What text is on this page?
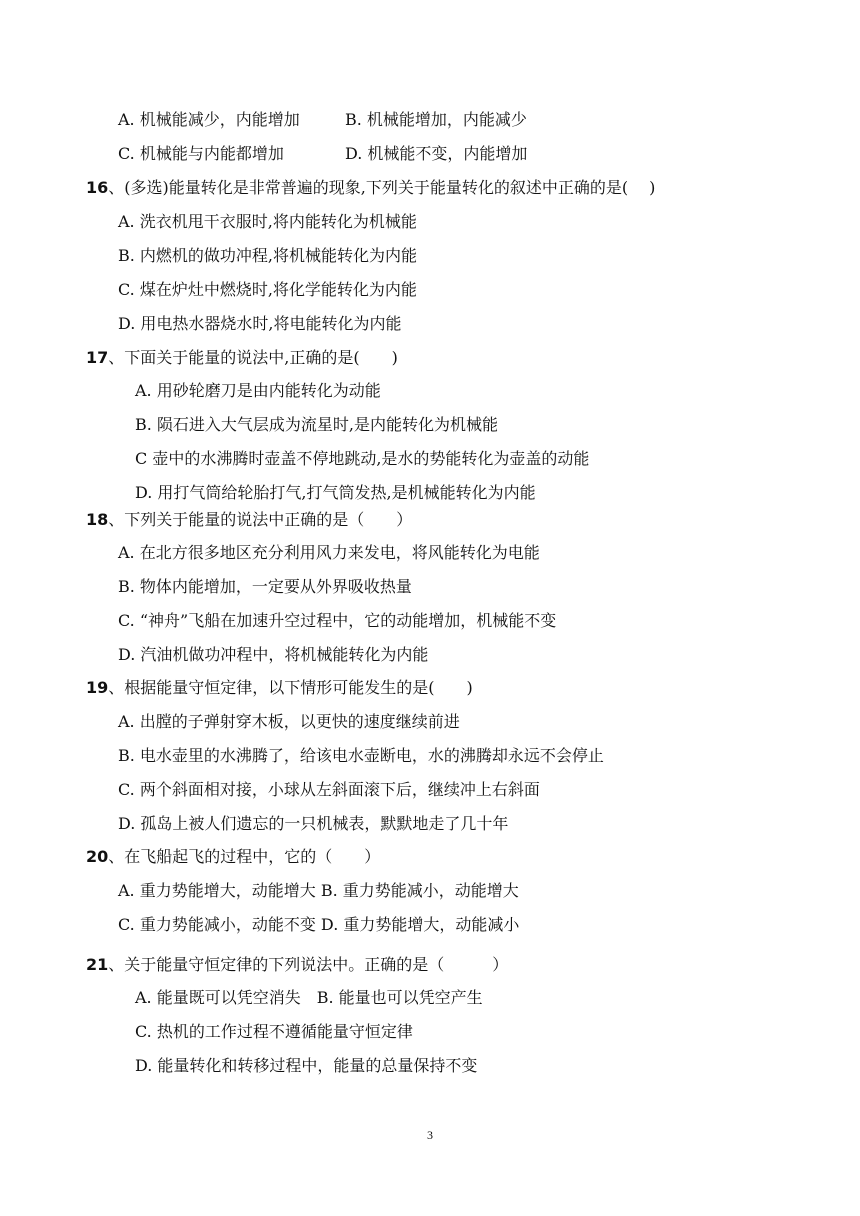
A. 机械能减少，内能增加	B. 机械能增加，内能减少
C. 机械能与内能都增加	D. 机械能不变，内能增加
16、(多选)能量转化是非常普遍的现象,下列关于能量转化的叙述中正确的是(　 )
A. 洗衣机甩干衣服时,将内能转化为机械能
B. 内燃机的做功冲程,将机械能转化为内能
C. 煤在炉灶中燃烧时,将化学能转化为内能
D. 用电热水器烧水时,将电能转化为内能
17、下面关于能量的说法中,正确的是(　　)
A. 用砂轮磨刀是由内能转化为动能
B. 陨石进入大气层成为流星时,是内能转化为机械能
C 壶中的水沸腾时壶盖不停地跳动,是水的势能转化为壶盖的动能
D. 用打气筒给轮胎打气,打气筒发热,是机械能转化为内能
18、下列关于能量的说法中正确的是（　　）
A. 在北方很多地区充分利用风力来发电，将风能转化为电能
B. 物体内能增加，一定要从外界吸收热量
C. “神舟”飞船在加速升空过程中，它的动能增加，机械能不变
D. 汽油机做功冲程中，将机械能转化为内能
19、根据能量守恒定律，以下情形可能发生的是(　　)
A. 出膛的子弹射穿木板，以更快的速度继续前进
B. 电水壶里的水沸腾了，给该电水壶断电，水的沸腾却永远不会停止
C. 两个斜面相对接，小球从左斜面滚下后，继续冲上右斜面
D. 孤岛上被人们遗忘的一只机械表，默默地走了几十年
20、在飞船起飞的过程中，它的（　　）
A. 重力势能增大，动能增大 B. 重力势能减小，动能增大
C. 重力势能减小，动能不变 D. 重力势能增大，动能减小
21、关于能量守恒定律的下列说法中。正确的是（　　　）
A. 能量既可以凭空消失　B. 能量也可以凭空产生
C. 热机的工作过程不遵循能量守恒定律
D. 能量转化和转移过程中，能量的总量保持不变
3
